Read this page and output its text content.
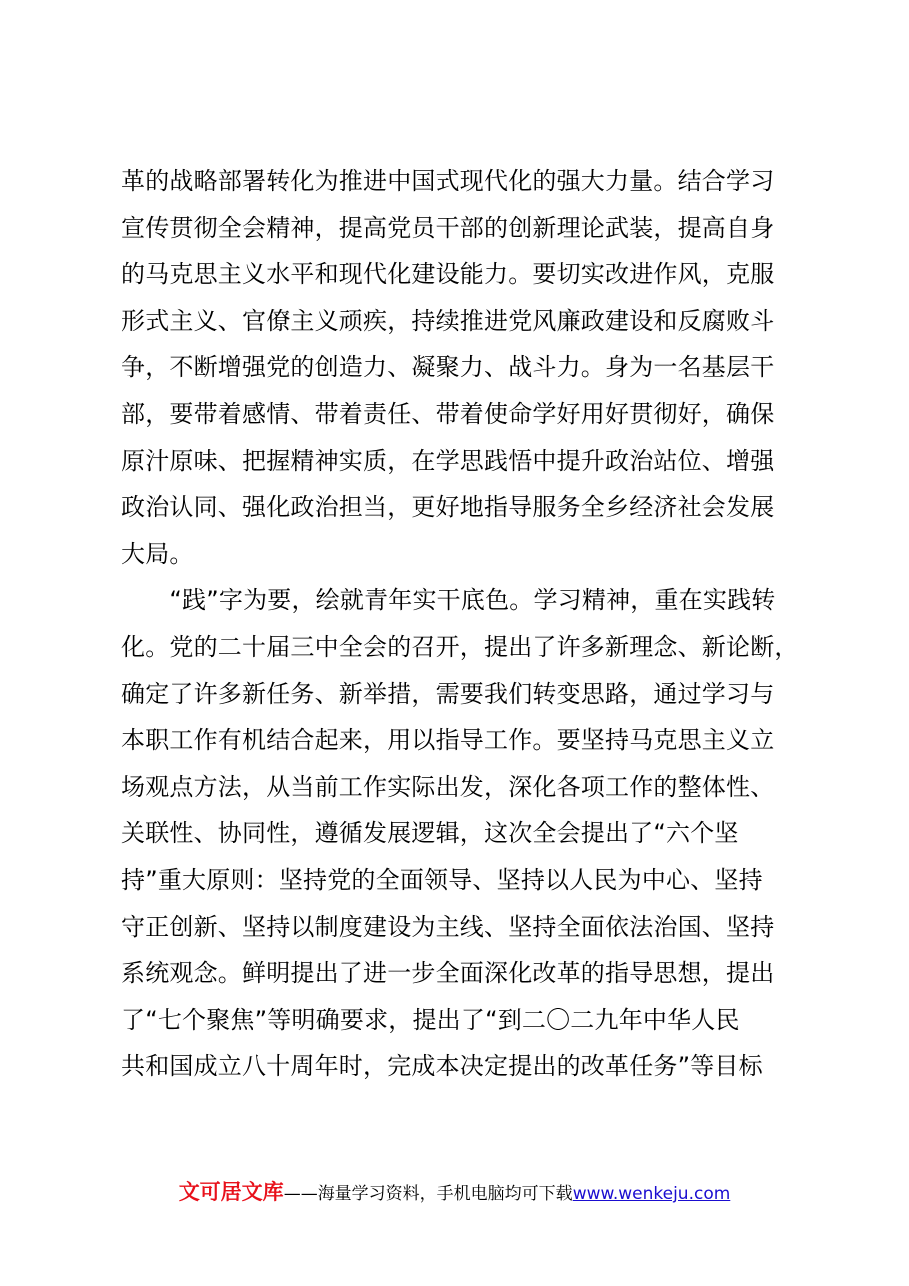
革的战略部署转化为推进中国式现代化的强大力量。结合学习
宣传贯彻全会精神，提高党员干部的创新理论武装，提高自身
的马克思主义水平和现代化建设能力。要切实改进作风，克服
形式主义、官僚主义顽疾，持续推进党风廉政建设和反腐败斗
争，不断增强党的创造力、凝聚力、战斗力。身为一名基层干
部，要带着感情、带着责任、带着使命学好用好贯彻好，确保
原汁原味、把握精神实质，在学思践悟中提升政治站位、增强
政治认同、强化政治担当，更好地指导服务全乡经济社会发展
大局。
　　“践”字为要，绘就青年实干底色。学习精神，重在实践转
化。党的二十届三中全会的召开，提出了许多新理念、新论断，
确定了许多新任务、新举措，需要我们转变思路，通过学习与
本职工作有机结合起来，用以指导工作。要坚持马克思主义立
场观点方法，从当前工作实际出发，深化各项工作的整体性、
关联性、协同性，遵循发展逻辑，这次全会提出了“六个坚
持”重大原则：坚持党的全面领导、坚持以人民为中心、坚持
守正创新、坚持以制度建设为主线、坚持全面依法治国、坚持
系统观念。鲜明提出了进一步全面深化改革的指导思想，提出
了“七个聚焦”等明确要求，提出了“到二〇二九年中华人民
共和国成立八十周年时，完成本决定提出的改革任务”等目标
文可居文库——海量学习资料，手机电脑均可下载www.wenkeju.com
